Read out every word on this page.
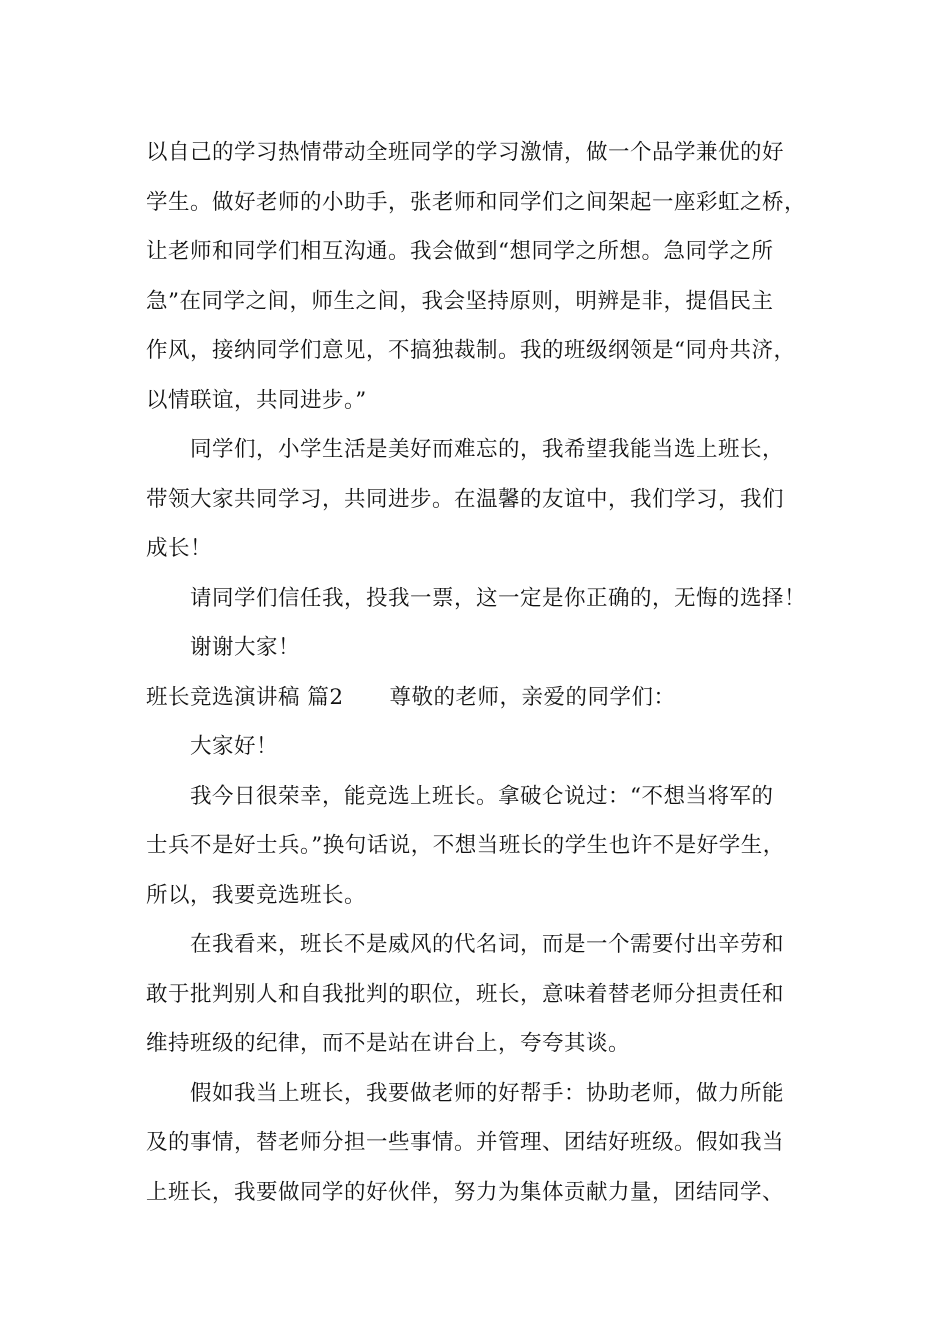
以自己的学习热情带动全班同学的学习激情，做一个品学兼优的好
学生。做好老师的小助手，张老师和同学们之间架起一座彩虹之桥，
让老师和同学们相互沟通。我会做到“想同学之所想。急同学之所
急”在同学之间，师生之间，我会坚持原则，明辨是非，提倡民主
作风，接纳同学们意见，不搞独裁制。我的班级纲领是“同舟共济，
以情联谊，共同进步。”
同学们，小学生活是美好而难忘的，我希望我能当选上班长，
带领大家共同学习，共同进步。在温馨的友谊中，我们学习，我们
成长！
请同学们信任我，投我一票，这一定是你正确的，无悔的选择！
谢谢大家！
班长竞选演讲稿 篇2 尊敬的老师，亲爱的同学们：
大家好！
我今日很荣幸，能竞选上班长。拿破仑说过：“不想当将军的
士兵不是好士兵。”换句话说，不想当班长的学生也许不是好学生，
所以，我要竞选班长。
在我看来，班长不是威风的代名词，而是一个需要付出辛劳和
敢于批判别人和自我批判的职位，班长，意味着替老师分担责任和
维持班级的纪律，而不是站在讲台上，夸夸其谈。
假如我当上班长，我要做老师的好帮手：协助老师，做力所能
及的事情，替老师分担一些事情。并管理、团结好班级。假如我当
上班长，我要做同学的好伙伴，努力为集体贡献力量，团结同学、
